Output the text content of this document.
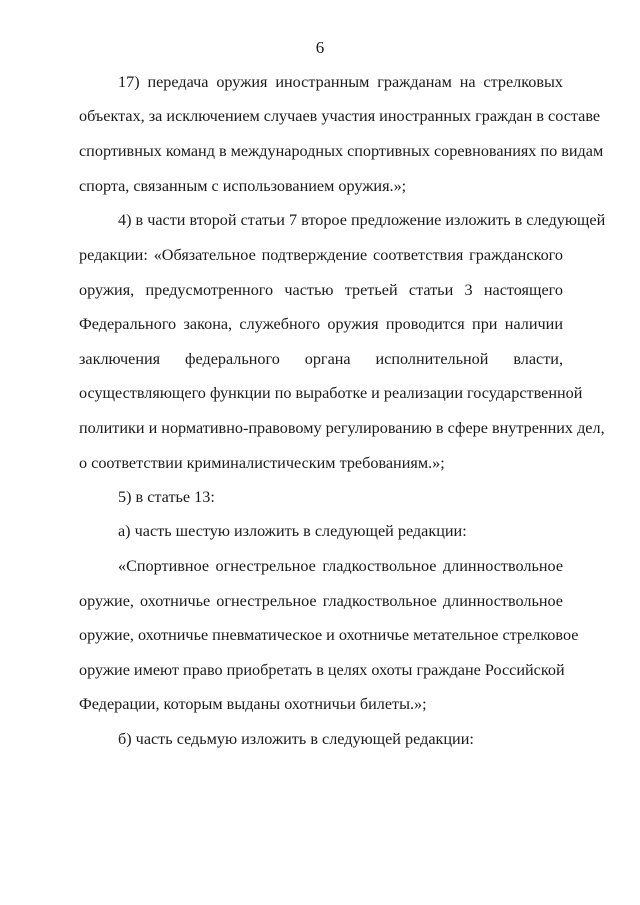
6
17) передача оружия иностранным гражданам на стрелковых
объектах, за исключением случаев участия иностранных граждан в составе
спортивных команд в международных спортивных соревнованиях по видам
спорта, связанным с использованием оружия.»;
4) в части второй статьи 7 второе предложение изложить в следующей
редакции: «Обязательное подтверждение соответствия гражданского
оружия, предусмотренного частью третьей статьи 3 настоящего
Федерального закона, служебного оружия проводится при наличии
заключения федерального органа исполнительной власти,
осуществляющего функции по выработке и реализации государственной
политики и нормативно-правовому регулированию в сфере внутренних дел,
о соответствии криминалистическим требованиям.»;
5) в статье 13:
а) часть шестую изложить в следующей редакции:
«Спортивное огнестрельное гладкоствольное длинноствольное
оружие, охотничье огнестрельное гладкоствольное длинноствольное
оружие, охотничье пневматическое и охотничье метательное стрелковое
оружие имеют право приобретать в целях охоты граждане Российской
Федерации, которым выданы охотничьи билеты.»;
б) часть седьмую изложить в следующей редакции:
